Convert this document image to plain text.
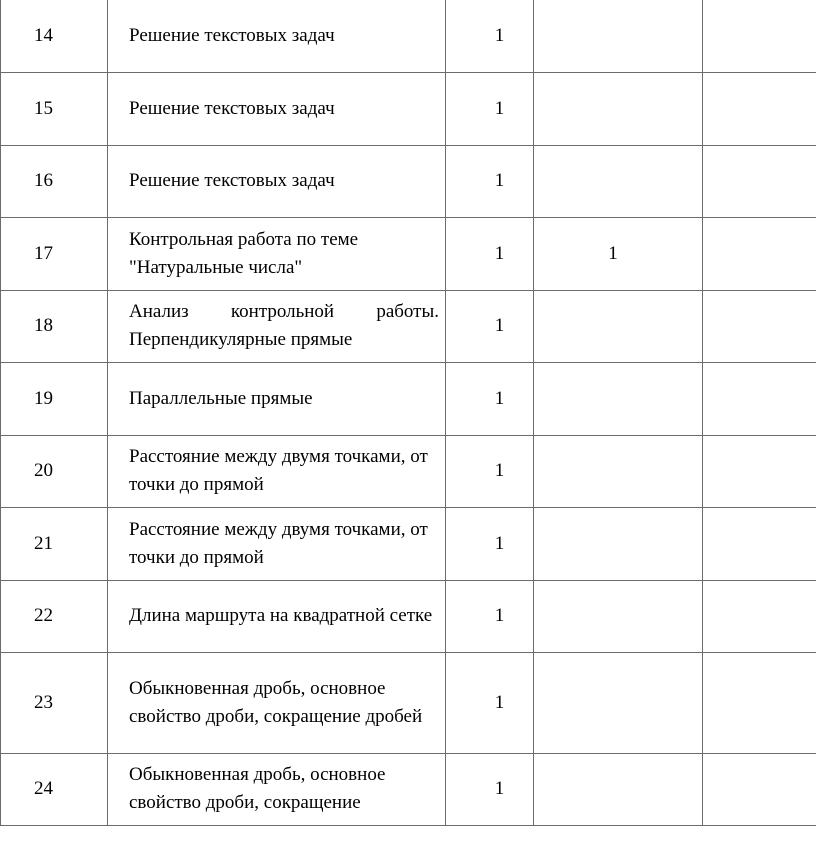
14	Решение текстовых задач	1		
15	Решение текстовых задач	1		
16	Решение текстовых задач	1		
17	Контрольная работа по теме "Натуральные числа"	1	1	
18	Анализ контрольной работы. Перпендикулярные прямые	1		
19	Параллельные прямые	1		
20	Расстояние между двумя точками, от точки до прямой	1		
21	Расстояние между двумя точками, от точки до прямой	1		
22	Длина маршрута на квадратной сетке	1		
23	Обыкновенная дробь, основное свойство дроби, сокращение дробей	1		
24	Обыкновенная дробь, основное свойство дроби, сокращение	1		
